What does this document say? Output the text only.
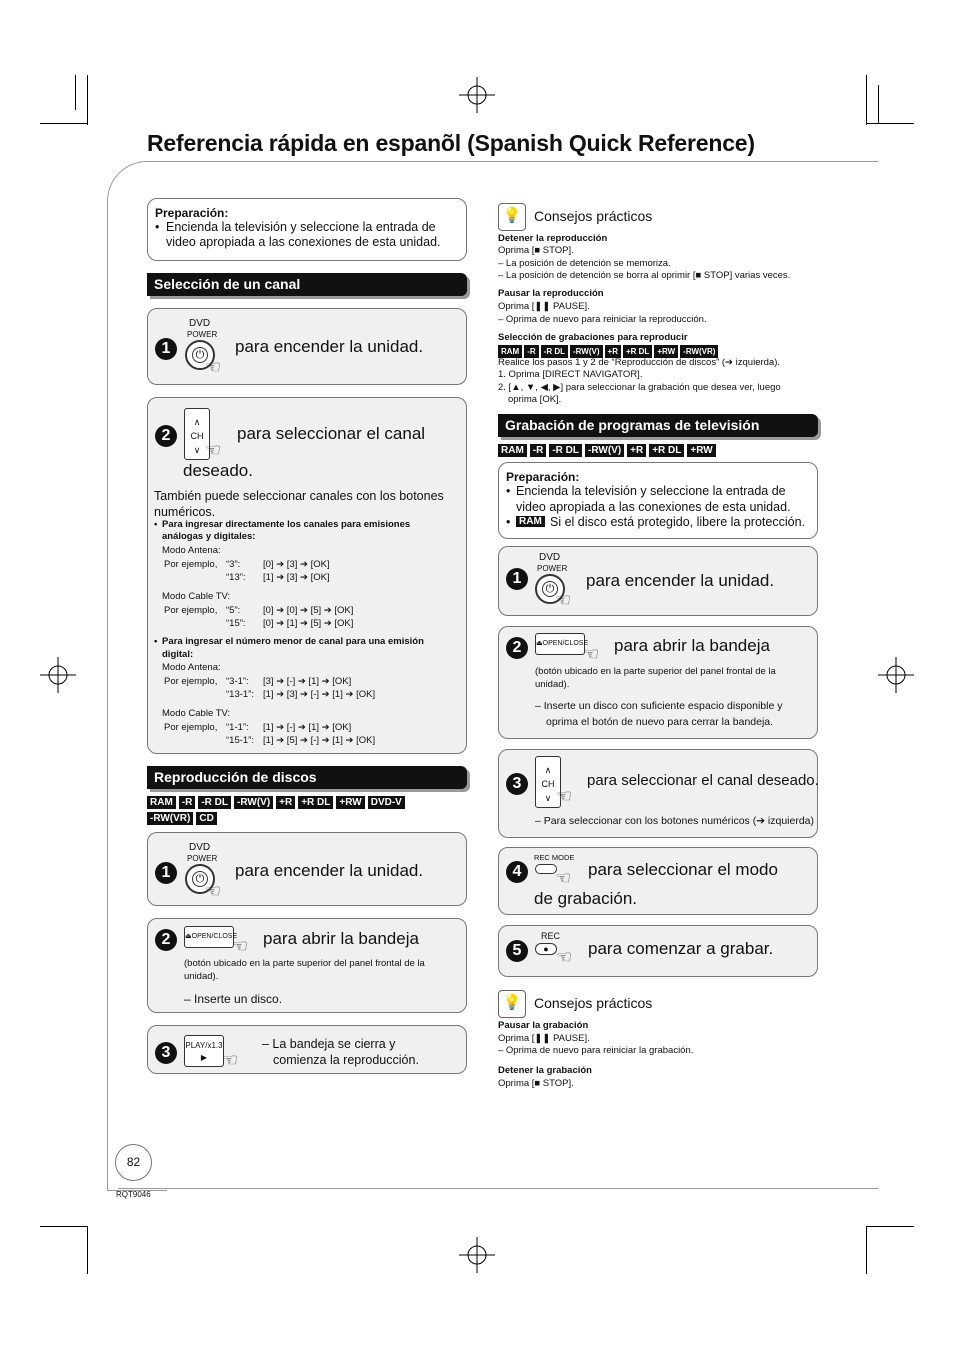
Referencia rápida en espanõl (Spanish Quick Reference)
82
RQT9046
Preparación:
• Encienda la televisión y seleccione la entrada de
video apropiada a las conexiones de esta unidad.
Selección de un canal
1
DVD
POWER
⏻
☜
para encender la unidad.
2
∧
CH
∨ ☜
para seleccionar el canal
deseado.
También puede seleccionar canales con los botones
numéricos.
• Para ingresar directamente los canales para emisiones
análogas y digitales:
Modo Antena:
Por ejemplo, “3”: [0] ➔ [3] ➔ [OK]
“13”: [1] ➔ [3] ➔ [OK]
Modo Cable TV:
Por ejemplo, “5”: [0] ➔ [0] ➔ [5] ➔ [OK]
“15”: [0] ➔ [1] ➔ [5] ➔ [OK]
• Para ingresar el número menor de canal para una emisión
digital:
Modo Antena:
Por ejemplo, “3-1”: [3] ➔ [-] ➔ [1] ➔ [OK]
“13-1”: [1] ➔ [3] ➔ [-] ➔ [1] ➔ [OK]
Modo Cable TV:
Por ejemplo, “1-1”: [1] ➔ [-] ➔ [1] ➔ [OK]
“15-1”: [1] ➔ [5] ➔ [-] ➔ [1] ➔ [OK]
Reproducción de discos
RAM -R -R DL -RW(V) +R +R DL +RW DVD-V
-RW(VR) CD
1
DVD
POWER
⏻
☜
para encender la unidad.
2	⏏OPEN/CLOSE
☜ para abrir la bandeja
(botón ubicado en la parte superior del panel frontal de la
unidad).
– Inserte un disco.
3	PLAY/x1.3
▶ ☜
– La bandeja se cierra y
comienza la reproducción.
💡 Consejos prácticos
Detener la reproducción
Oprima [■ STOP].
– La posición de detención se memoriza.
– La posición de detención se borra al oprimir [■ STOP] varias veces.
Pausar la reproducción
Oprima [❚❚ PAUSE].
– Oprima de nuevo para reiniciar la reproducción.
Selección de grabaciones para reproducir
RAM	-R	-R DL	-RW(V)	+R	+R DL	+RW	-RW(VR)
Realice los pasos 1 y 2 de “Reproducción de discos” (➔ izquierda).
1. Oprima [DIRECT NAVIGATOR].
2. [▲, ▼, ◀, ▶] para seleccionar la grabación que desea ver, luego
oprima [OK].
Grabación de programas de televisión
RAM -R -R DL -RW(V) +R +R DL +RW
Preparación:
• Encienda la televisión y seleccione la entrada de
video apropiada a las conexiones de esta unidad.
• RAM Si el disco está protegido, libere la protección.
1
DVD
POWER
⏻
☜
para encender la unidad.
2	⏏OPEN/CLOSE
☜ para abrir la bandeja
(botón ubicado en la parte superior del panel frontal de la
unidad).
– Inserte un disco con suficiente espacio disponible y
oprima el botón de nuevo para cerrar la bandeja.
3
∧
CH
∨ ☜
para seleccionar el canal deseado.
– Para seleccionar con los botones numéricos (➔ izquierda)
4
REC MODE
☜ para seleccionar el modo
de grabación.
5
REC
● ☜ para comenzar a grabar.
💡 Consejos prácticos
Pausar la grabación
Oprima [❚❚ PAUSE].
– Oprima de nuevo para reiniciar la grabación.
Detener la grabación
Oprima [■ STOP].
